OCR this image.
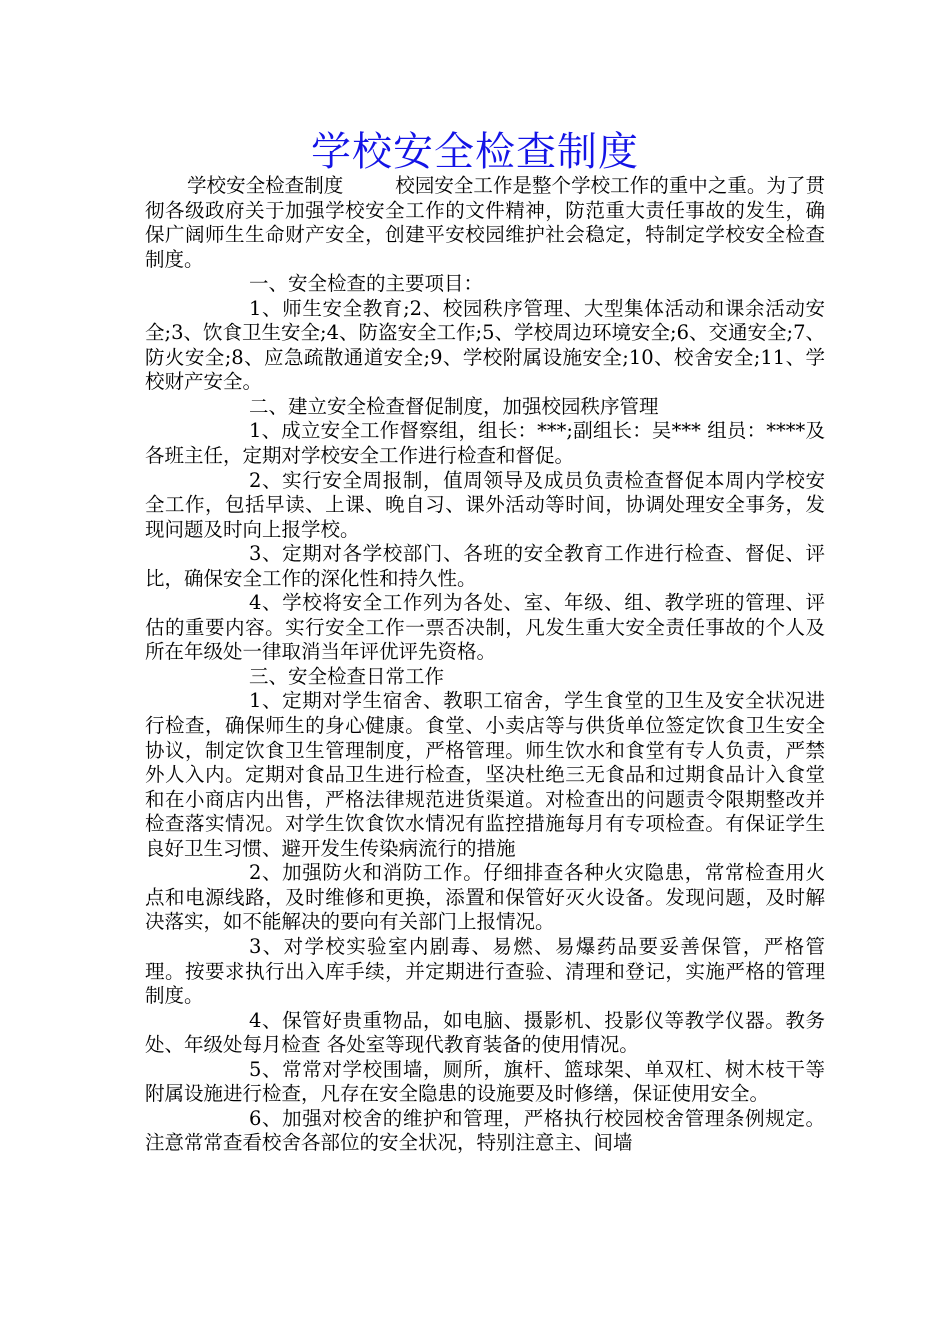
学校安全检查制度

学校安全检查制度	校园安全工作是整个学校工作的重中之重。为了贯彻各级政府关于加强学校安全工作的文件精神，防范重大责任事故的发生，确保广阔师生生命财产安全，创建平安校园维护社会稳定，特制定学校安全检查制度。

一、安全检查的主要项目：

1、师生安全教育;2、校园秩序管理、大型集体活动和课余活动安全;3、饮食卫生安全;4、防盗安全工作;5、学校周边环境安全;6、交通安全;7、防火安全;8、应急疏散通道安全;9、学校附属设施安全;10、校舍安全;11、学校财产安全。

二、建立安全检查督促制度，加强校园秩序管理

1、成立安全工作督察组，组长：***;副组长：吴*** 组员：****及各班主任，定期对学校安全工作进行检查和督促。

2、实行安全周报制，值周领导及成员负责检查督促本周内学校安全工作，包括早读、上课、晚自习、课外活动等时间，协调处理安全事务，发现问题及时向上报学校。

3、定期对各学校部门、各班的安全教育工作进行检查、督促、评比，确保安全工作的深化性和持久性。

4、学校将安全工作列为各处、室、年级、组、教学班的管理、评估的重要内容。实行安全工作一票否决制，凡发生重大安全责任事故的个人及所在年级处一律取消当年评优评先资格。

三、安全检查日常工作

1、定期对学生宿舍、教职工宿舍，学生食堂的卫生及安全状况进行检查，确保师生的身心健康。食堂、小卖店等与供货单位签定饮食卫生安全协议，制定饮食卫生管理制度，严格管理。师生饮水和食堂有专人负责，严禁外人入内。定期对食品卫生进行检查，坚决杜绝三无食品和过期食品计入食堂和在小商店内出售，严格法律规范进货渠道。对检查出的问题责令限期整改并检查落实情况。对学生饮食饮水情况有监控措施每月有专项检查。有保证学生良好卫生习惯、避开发生传染病流行的措施

2、加强防火和消防工作。仔细排查各种火灾隐患，常常检查用火点和电源线路，及时维修和更换，添置和保管好灭火设备。发现问题，及时解决落实，如不能解决的要向有关部门上报情况。

3、对学校实验室内剧毒、易燃、易爆药品要妥善保管，严格管理。按要求执行出入库手续，并定期进行查验、清理和登记，实施严格的管理制度。

4、保管好贵重物品，如电脑、摄影机、投影仪等教学仪器。教务处、年级处每月检查 各处室等现代教育装备的使用情况。

5、常常对学校围墙，厕所，旗杆、篮球架、单双杠、树木枝干等附属设施进行检查，凡存在安全隐患的设施要及时修缮，保证使用安全。

6、加强对校舍的维护和管理，严格执行校园校舍管理条例规定。注意常常查看校舍各部位的安全状况，特别注意主、间墙
